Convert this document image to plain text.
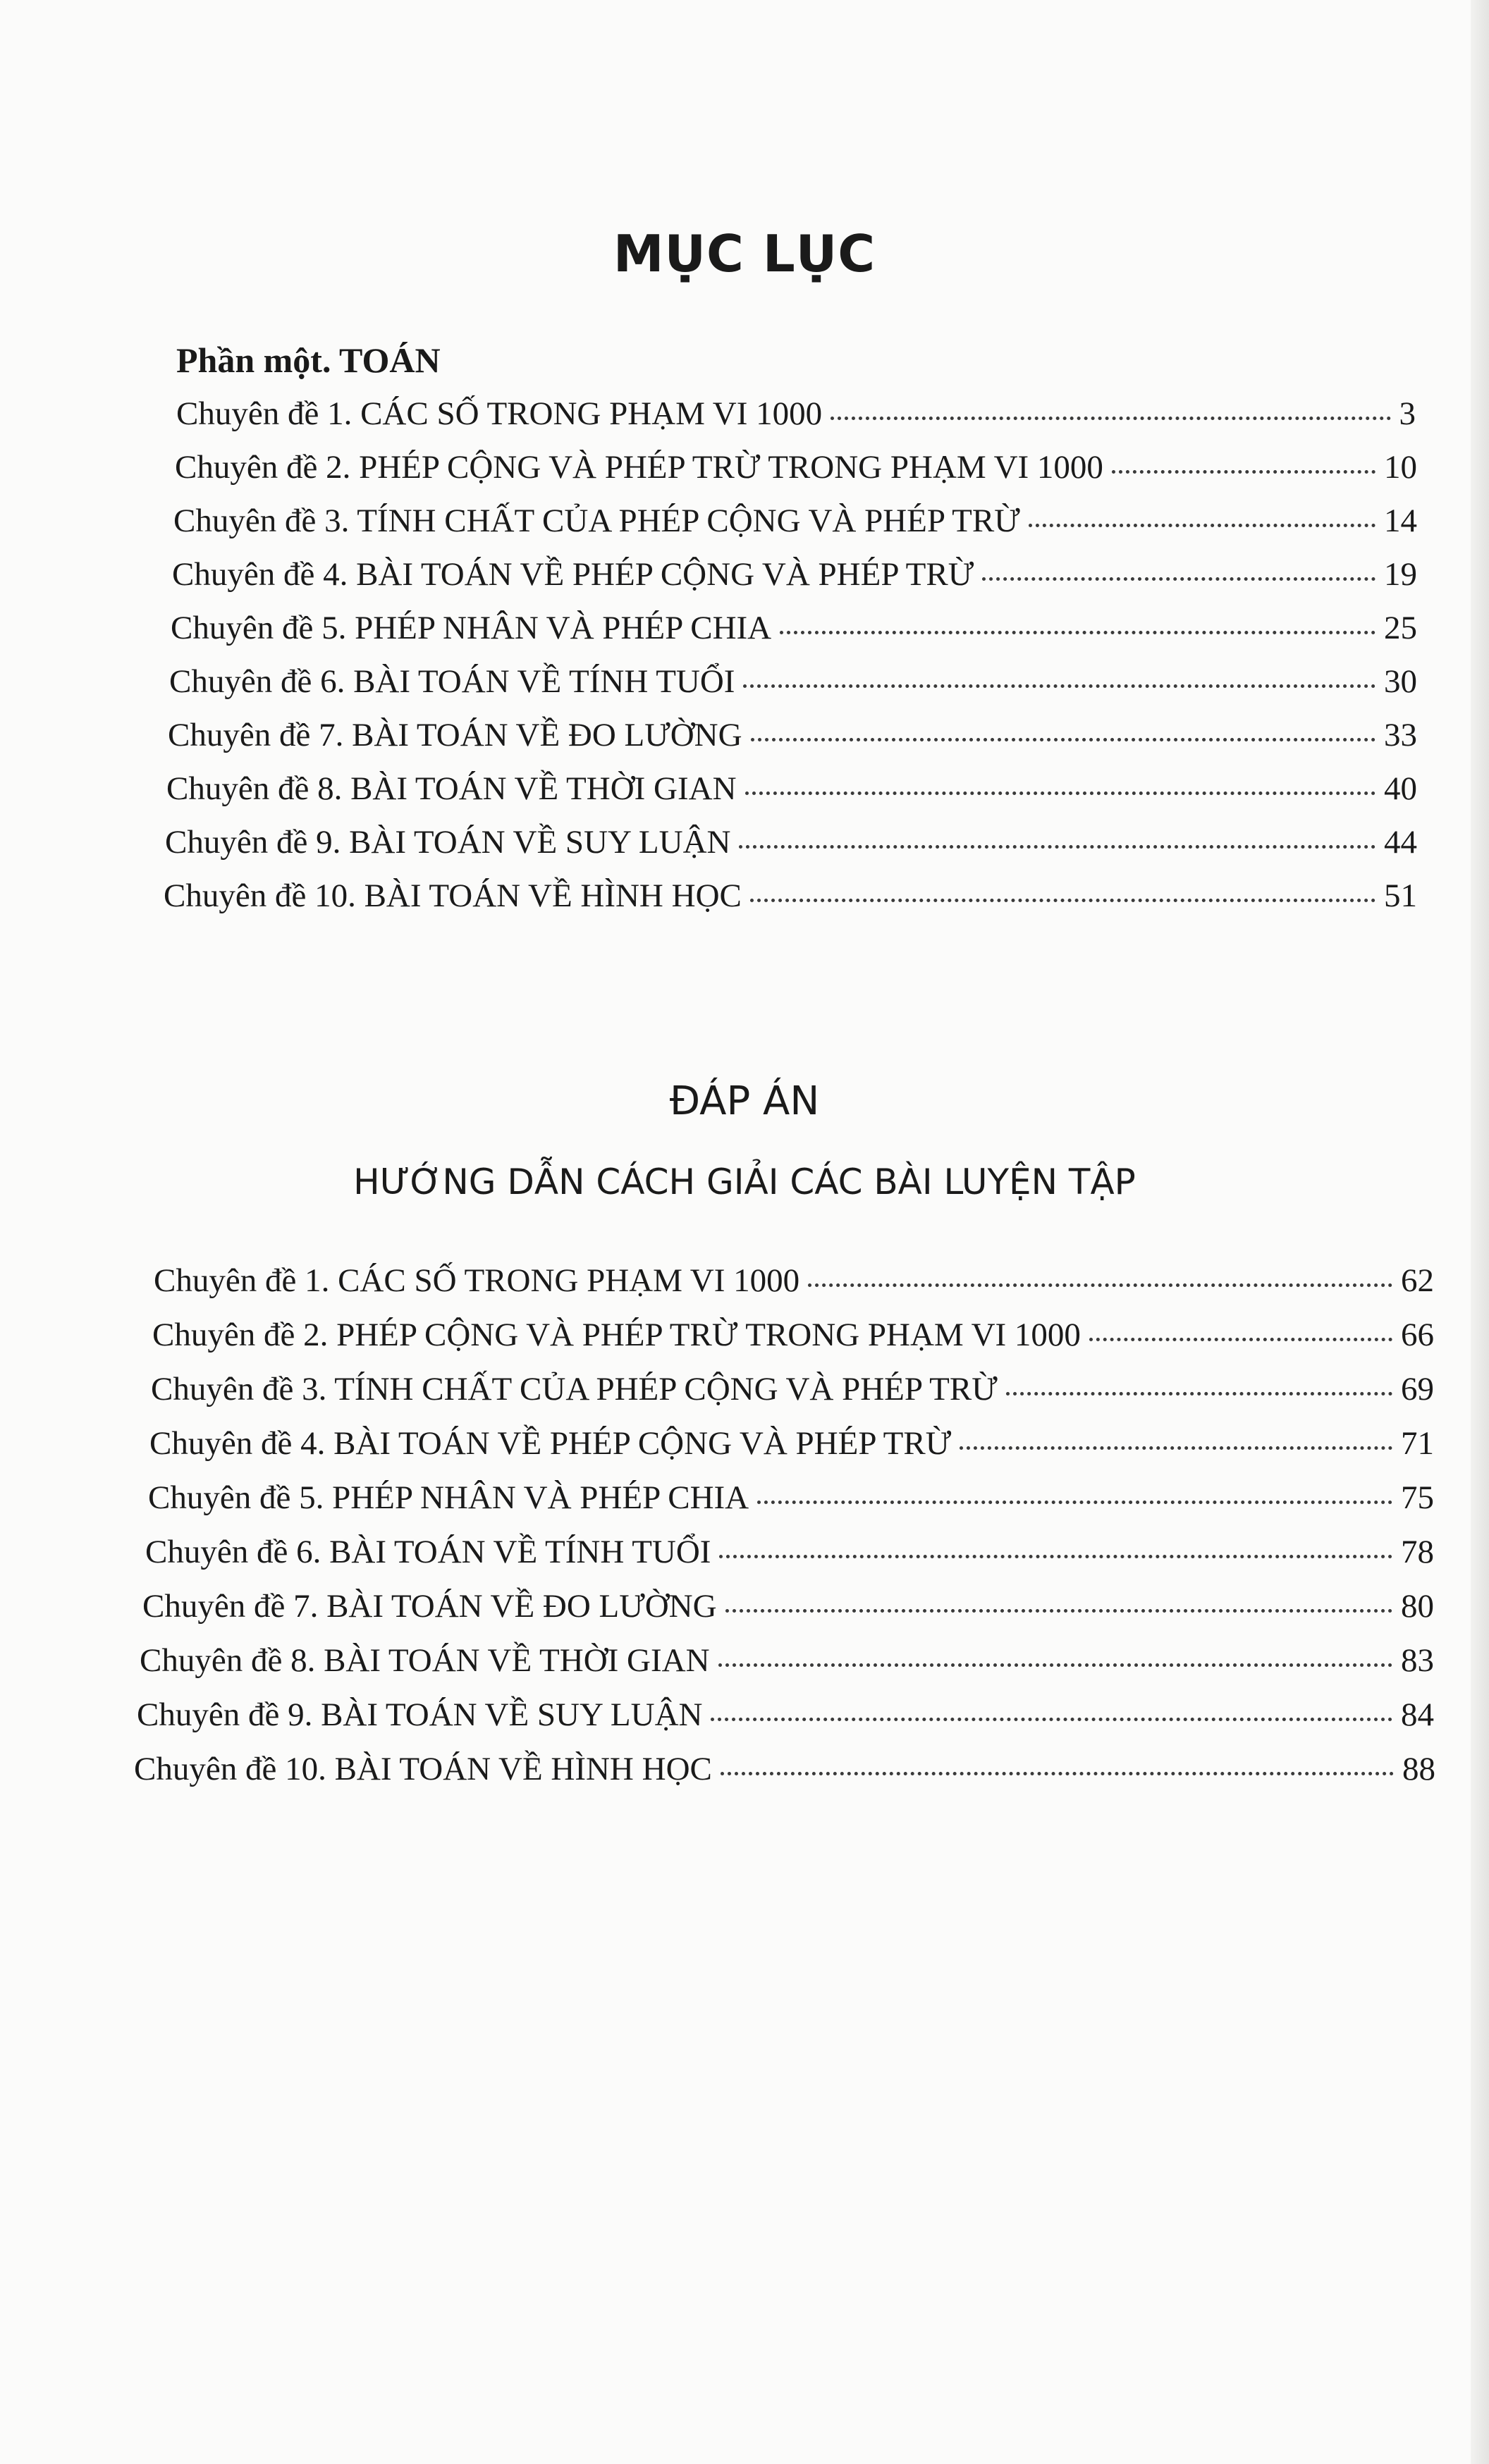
MỤC LỤC
Phần một. TOÁN
Chuyên đề 1. CÁC SỐ TRONG PHẠM VI 1000	3
Chuyên đề 2. PHÉP CỘNG VÀ PHÉP TRỪ TRONG PHẠM VI 1000	10
Chuyên đề 3. TÍNH CHẤT CỦA PHÉP CỘNG VÀ PHÉP TRỪ	14
Chuyên đề 4. BÀI TOÁN VỀ PHÉP CỘNG VÀ PHÉP TRỪ	19
Chuyên đề 5. PHÉP NHÂN VÀ PHÉP CHIA	25
Chuyên đề 6. BÀI TOÁN VỀ TÍNH TUỔI	30
Chuyên đề 7. BÀI TOÁN VỀ ĐO LƯỜNG	33
Chuyên đề 8. BÀI TOÁN VỀ THỜI GIAN	40
Chuyên đề 9. BÀI TOÁN VỀ SUY LUẬN	44
Chuyên đề 10. BÀI TOÁN VỀ HÌNH HỌC	51
ĐÁP ÁN
HƯỚNG DẪN CÁCH GIẢI CÁC BÀI LUYỆN TẬP
Chuyên đề 1. CÁC SỐ TRONG PHẠM VI 1000	62
Chuyên đề 2. PHÉP CỘNG VÀ PHÉP TRỪ TRONG PHẠM VI 1000	66
Chuyên đề 3. TÍNH CHẤT CỦA PHÉP CỘNG VÀ PHÉP TRỪ	69
Chuyên đề 4. BÀI TOÁN VỀ PHÉP CỘNG VÀ PHÉP TRỪ	71
Chuyên đề 5. PHÉP NHÂN VÀ PHÉP CHIA	75
Chuyên đề 6. BÀI TOÁN VỀ TÍNH TUỔI	78
Chuyên đề 7. BÀI TOÁN VỀ ĐO LƯỜNG	80
Chuyên đề 8. BÀI TOÁN VỀ THỜI GIAN	83
Chuyên đề 9. BÀI TOÁN VỀ SUY LUẬN	84
Chuyên đề 10. BÀI TOÁN VỀ HÌNH HỌC	88
